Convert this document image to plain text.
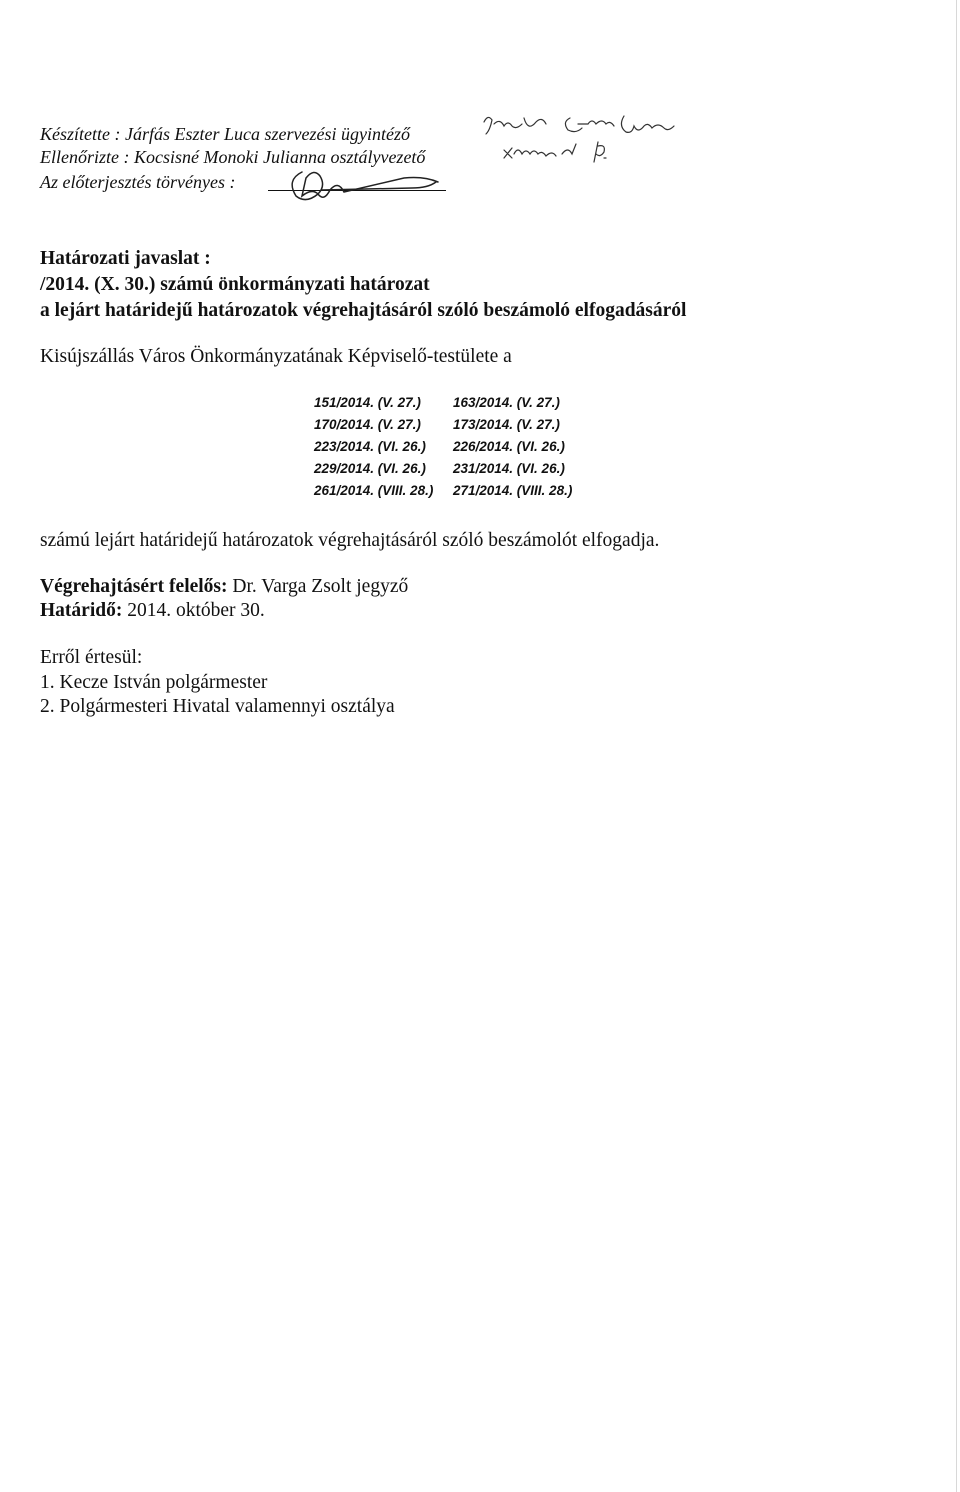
Készítette : Járfás Eszter Luca szervezési ügyintéző
Ellenőrizte : Kocsisné Monoki Julianna osztályvezető
Az előterjesztés törvényes :
Határozati javaslat :
/2014. (X. 30.) számú önkormányzati határozat
a lejárt határidejű határozatok végrehajtásáról szóló beszámoló elfogadásáról
Kisújszállás Város Önkormányzatának Képviselő-testülete a
151/2014. (V. 27.) 163/2014. (V. 27.)
170/2014. (V. 27.) 173/2014. (V. 27.)
223/2014. (VI. 26.) 226/2014. (VI. 26.)
229/2014. (VI. 26.) 231/2014. (VI. 26.)
261/2014. (VIII. 28.) 271/2014. (VIII. 28.)
számú lejárt határidejű határozatok végrehajtásáról szóló beszámolót elfogadja.
Végrehajtásért felelős: Dr. Varga Zsolt jegyző
Határidő: 2014. október 30.
Erről értesül:
1. Kecze István polgármester
2. Polgármesteri Hivatal valamennyi osztálya
